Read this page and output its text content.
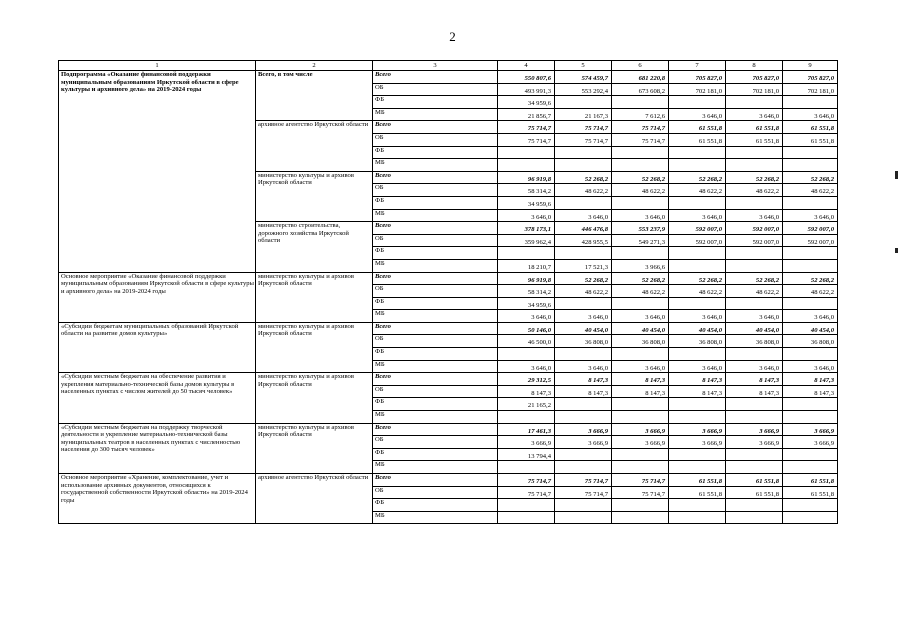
2
1	2	3	4	5	6	7	8	9
Подпрограмма «Оказание финансовой поддержки муниципальным образованиям Иркутской области в сфере культуры и архивного дела» на 2019-2024 годы	Всего, в том числе	Всего	550 807,6	574 459,7	681 220,8	705 827,0	705 827,0	705 827,0
		ОБ	493 991,3	553 292,4	673 608,2	702 181,0	702 181,0	702 181,0
		ФБ	34 959,6					
		МБ	21 856,7	21 167,3	7 612,6	3 646,0	3 646,0	3 646,0
	архивное агентство Иркутской области	Всего	75 714,7	75 714,7	75 714,7	61 551,8	61 551,8	61 551,8
		ОБ	75 714,7	75 714,7	75 714,7	61 551,8	61 551,8	61 551,8
		ФБ						
		МБ						
	министерство культуры и архивов Иркутской области	Всего	96 919,8	52 268,2	52 268,2	52 268,2	52 268,2	52 268,2
		ОБ	58 314,2	48 622,2	48 622,2	48 622,2	48 622,2	48 622,2
		ФБ	34 959,6					
		МБ	3 646,0	3 646,0	3 646,0	3 646,0	3 646,0	3 646,0
	министерство строительства, дорожного хозяйства Иркутской области	Всего	378 173,1	446 476,8	553 237,9	592 007,0	592 007,0	592 007,0
		ОБ	359 962,4	428 955,5	549 271,3	592 007,0	592 007,0	592 007,0
		ФБ						
		МБ	18 210,7	17 521,3	3 966,6			
Основное мероприятие «Оказание финансовой поддержки муниципальным образованиям Иркутской области в сфере культуры и архивного дела» на 2019-2024 годы	министерство культуры и архивов Иркутской области	Всего	96 919,8	52 268,2	52 268,2	52 268,2	52 268,2	52 268,2
		ОБ	58 314,2	48 622,2	48 622,2	48 622,2	48 622,2	48 622,2
		ФБ	34 959,6					
		МБ	3 646,0	3 646,0	3 646,0	3 646,0	3 646,0	3 646,0
«Субсидии бюджетам муниципальных образований Иркутской области на развитие домов культуры»	министерство культуры и архивов Иркутской области	Всего	50 146,0	40 454,0	40 454,0	40 454,0	40 454,0	40 454,0
		ОБ	46 500,0	36 808,0	36 808,0	36 808,0	36 808,0	36 808,0
		ФБ						
		МБ	3 646,0	3 646,0	3 646,0	3 646,0	3 646,0	3 646,0
«Субсидии местным бюджетам на обеспечение развития и укрепления материально-технической базы домов культуры в населенных пунктах с числом жителей до 50 тысяч человек»	министерство культуры и архивов Иркутской области	Всего	29 312,5	8 147,3	8 147,3	8 147,3	8 147,3	8 147,3
		ОБ	8 147,3	8 147,3	8 147,3	8 147,3	8 147,3	8 147,3
		ФБ	21 165,2					
		МБ						
«Субсидии местным бюджетам на поддержку творческой деятельности и укрепление материально-технической базы муниципальных театров в населенных пунктах с численностью населения до 300 тысяч человек»	министерство культуры и архивов Иркутской области	Всего	17 461,3	3 666,9	3 666,9	3 666,9	3 666,9	3 666,9
		ОБ	3 666,9	3 666,9	3 666,9	3 666,9	3 666,9	3 666,9
		ФБ	13 794,4					
		МБ						
Основное мероприятие «Хранение, комплектование, учет и использование архивных документов, относящихся к государственной собственности Иркутской области» на 2019-2024 годы	архивное агентство Иркутской области	Всего	75 714,7	75 714,7	75 714,7	61 551,8	61 551,8	61 551,8
		ОБ	75 714,7	75 714,7	75 714,7	61 551,8	61 551,8	61 551,8
		ФБ						
		МБ						
